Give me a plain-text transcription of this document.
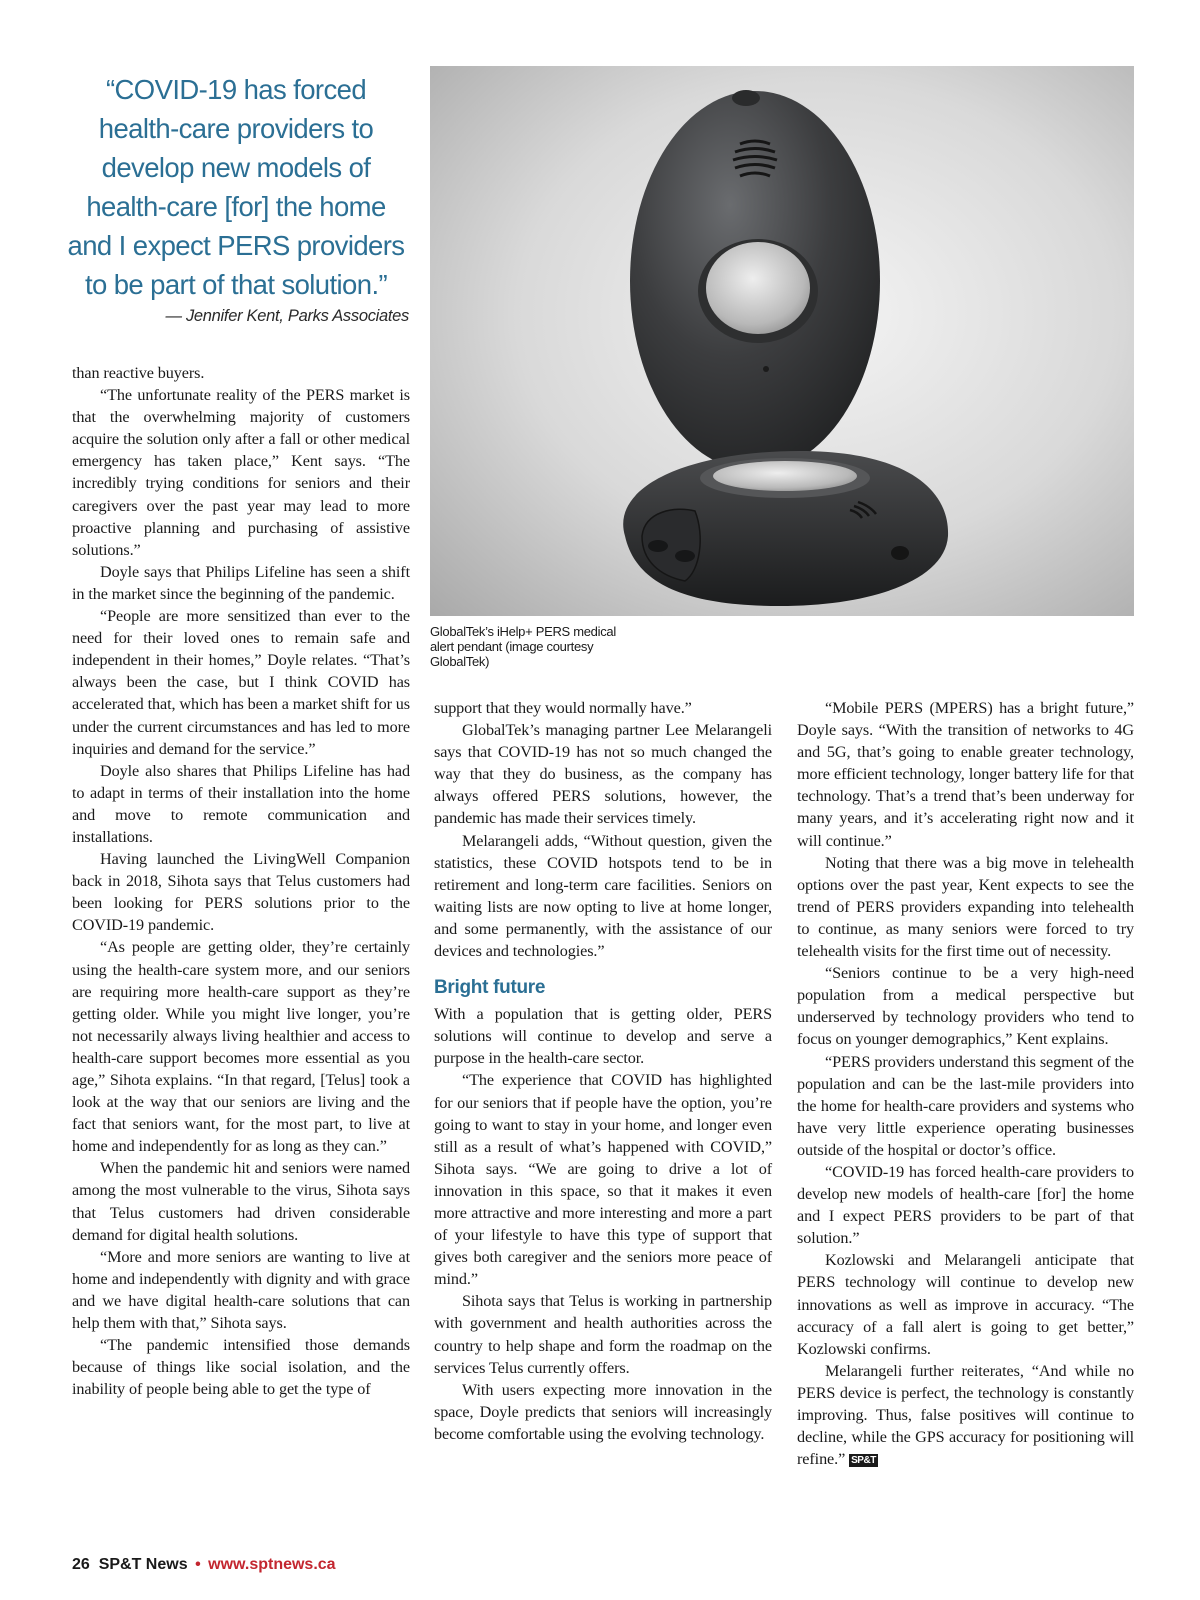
“COVID-19 has forced
health-care providers to
develop new models of
health-care [for] the home
and I expect PERS providers
to be part of that solution.”
— Jennifer Kent, Parks Associates
GlobalTek’s iHelp+ PERS medical alert pendant (image courtesy GlobalTek)

than reactive buyers.

“The unfortunate reality of the PERS market is that the overwhelming majority of customers acquire the solution only after a fall or other medical emergency has taken place,” Kent says. “The incredibly trying conditions for seniors and their caregivers over the past year may lead to more proactive planning and purchasing of assistive solutions.”

Doyle says that Philips Lifeline has seen a shift in the market since the beginning of the pandemic.

“People are more sensitized than ever to the need for their loved ones to remain safe and independent in their homes,” Doyle relates. “That’s always been the case, but I think COVID has accelerated that, which has been a market shift for us under the current circumstances and has led to more inquiries and demand for the service.”

Doyle also shares that Philips Lifeline has had to adapt in terms of their installation into the home and move to remote communication and installations.

Having launched the LivingWell Companion back in 2018, Sihota says that Telus customers had been looking for PERS solutions prior to the COVID-19 pandemic.

“As people are getting older, they’re certainly using the health-care system more, and our seniors are requiring more health-care support as they’re getting older. While you might live longer, you’re not necessarily always living healthier and access to health-care support becomes more essential as you age,” Sihota explains. “In that regard, [Telus] took a look at the way that our seniors are living and the fact that seniors want, for the most part, to live at home and independently for as long as they can.”

When the pandemic hit and seniors were named among the most vulnerable to the virus, Sihota says that Telus customers had driven considerable demand for digital health solutions.

“More and more seniors are wanting to live at home and independently with dignity and with grace and we have digital health-care solutions that can help them with that,” Sihota says.

“The pandemic intensified those demands because of things like social isolation, and the inability of people being able to get the type of

support that they would normally have.”

GlobalTek’s managing partner Lee Melarangeli says that COVID-19 has not so much changed the way that they do business, as the company has always offered PERS solutions, however, the pandemic has made their services timely.

Melarangeli adds, “Without question, given the statistics, these COVID hotspots tend to be in retirement and long-term care facilities. Seniors on waiting lists are now opting to live at home longer, and some permanently, with the assistance of our devices and technologies.”

Bright future

With a population that is getting older, PERS solutions will continue to develop and serve a purpose in the health-care sector.

“The experience that COVID has highlighted for our seniors that if people have the option, you’re going to want to stay in your home, and longer even still as a result of what’s happened with COVID,” Sihota says. “We are going to drive a lot of innovation in this space, so that it makes it even more attractive and more interesting and more a part of your lifestyle to have this type of support that gives both caregiver and the seniors more peace of mind.”

Sihota says that Telus is working in partnership with government and health authorities across the country to help shape and form the roadmap on the services Telus currently offers.

With users expecting more innovation in the space, Doyle predicts that seniors will increasingly become comfortable using the evolving technology.

“Mobile PERS (MPERS) has a bright future,” Doyle says. “With the transition of networks to 4G and 5G, that’s going to enable greater technology, more efficient technology, longer battery life for that technology. That’s a trend that’s been underway for many years, and it’s accelerating right now and it will continue.”

Noting that there was a big move in telehealth options over the past year, Kent expects to see the trend of PERS providers expanding into telehealth to continue, as many seniors were forced to try telehealth visits for the first time out of necessity.

“Seniors continue to be a very high-need population from a medical perspective but underserved by technology providers who tend to focus on younger demographics,” Kent explains.

“PERS providers understand this segment of the population and can be the last-mile providers into the home for health-care providers and systems who have very little experience operating businesses outside of the hospital or doctor’s office.

“COVID-19 has forced health-care providers to develop new models of health-care [for] the home and I expect PERS providers to be part of that solution.”

Kozlowski and Melarangeli anticipate that PERS technology will continue to develop new innovations as well as improve in accuracy. “The accuracy of a fall alert is going to get better,” Kozlowski confirms.

Melarangeli further reiterates, “And while no PERS device is perfect, the technology is constantly improving. Thus, false positives will continue to decline, while the GPS accuracy for positioning will refine.” SP&T

26 SP&T News • www.sptnews.ca
